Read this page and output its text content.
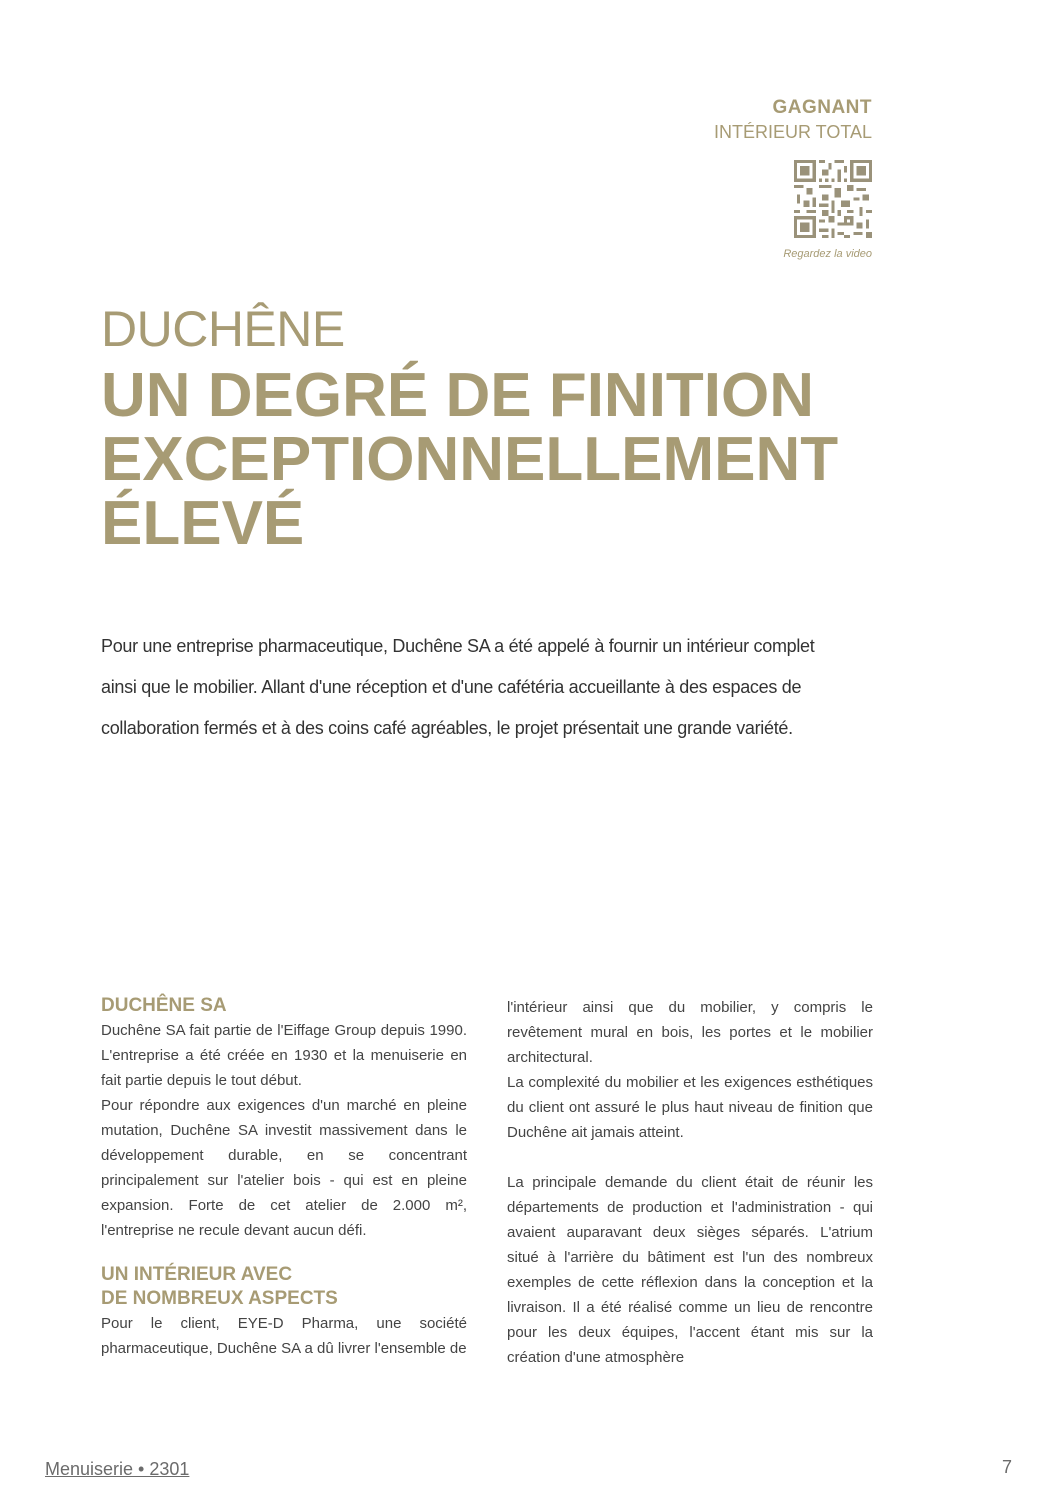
GAGNANT
INTÉRIEUR TOTAL
Regardez la video
DUCHÊNE
UN DEGRÉ DE FINITION
EXCEPTIONNELLEMENT
ÉLEVÉ

Pour une entreprise pharmaceutique, Duchêne SA a été appelé à fournir un intérieur complet ainsi que le mobilier. Allant d'une réception et d'une cafétéria accueillante à des espaces de collaboration fermés et à des coins café agréables, le projet présentait une grande variété.

DUCHÊNE SA

Duchêne SA fait partie de l'Eiffage Group depuis 1990. L'entreprise a été créée en 1930 et la menuiserie en fait partie depuis le tout début.

Pour répondre aux exigences d'un marché en pleine mutation, Duchêne SA investit massivement dans le développement durable, en se concentrant principalement sur l'atelier bois - qui est en pleine expansion. Forte de cet atelier de 2.000 m², l'entreprise ne recule devant aucun défi.

UN INTÉRIEUR AVEC
DE NOMBREUX ASPECTS

Pour le client, EYE-D Pharma, une société pharmaceutique, Duchêne SA a dû livrer l'ensemble de

l'intérieur ainsi que du mobilier, y compris le revêtement mural en bois, les portes et le mobilier architectural.

La complexité du mobilier et les exigences esthétiques du client ont assuré le plus haut niveau de finition que Duchêne ait jamais atteint.

La principale demande du client était de réunir les départements de production et l'administration - qui avaient auparavant deux sièges séparés. L'atrium situé à l'arrière du bâtiment est l'un des nombreux exemples de cette réflexion dans la conception et la livraison. Il a été réalisé comme un lieu de rencontre pour les deux équipes, l'accent étant mis sur la création d'une atmosphère

Menuiserie • 2301	7
